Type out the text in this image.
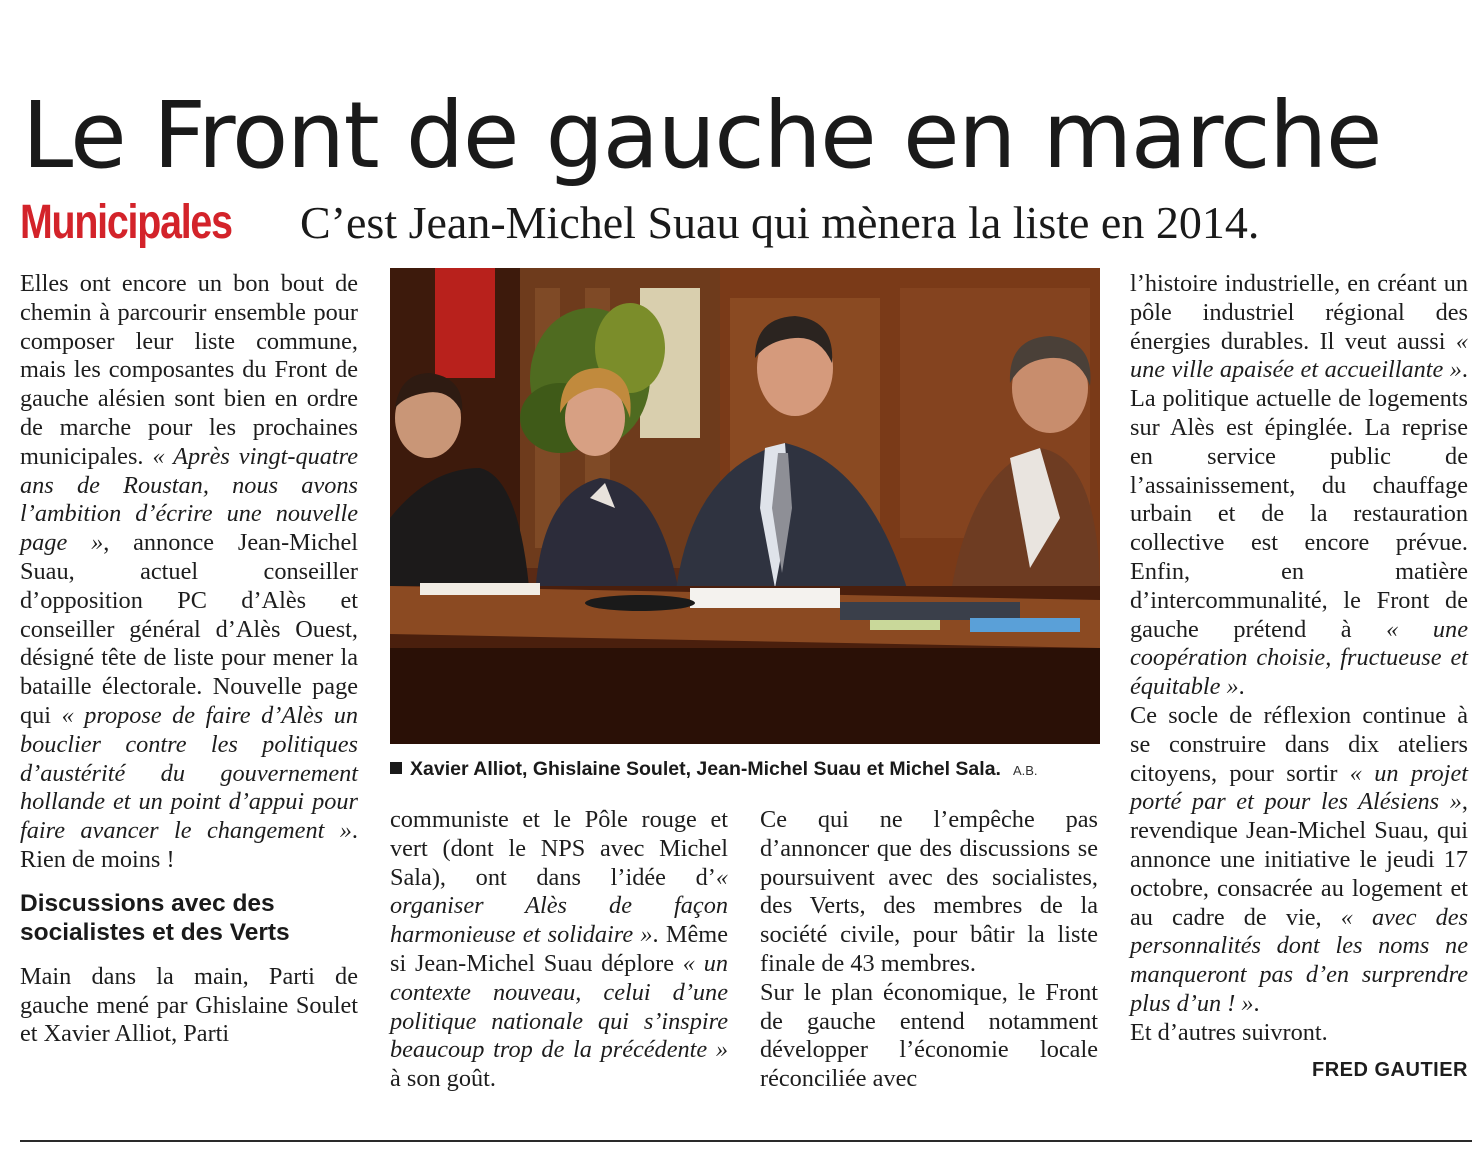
Le Front de gauche en marche
Municipales	C’est Jean-Michel Suau qui mènera la liste en 2014.

Elles ont encore un bon bout de chemin à parcourir ensemble pour composer leur liste commune, mais les composantes du Front de gauche alésien sont bien en ordre de marche pour les prochaines municipales. « Après vingt-quatre ans de Roustan, nous avons l’ambition d’écrire une nouvelle page », annonce Jean-Michel Suau, actuel conseiller d’opposition PC d’Alès et conseiller général d’Alès Ouest, désigné tête de liste pour mener la bataille électorale. Nouvelle page qui « propose de faire d’Alès un bouclier contre les politiques d’austérité du gouvernement hollande et un point d’appui pour faire avancer le changement ». Rien de moins !

Discussions avec des socialistes et des Verts

Main dans la main, Parti de gauche mené par Ghislaine Soulet et Xavier Alliot, Parti

Xavier Alliot, Ghislaine Soulet, Jean-Michel Suau et Michel Sala. A.B.

communiste et le Pôle rouge et vert (dont le NPS avec Michel Sala), ont dans l’idée d’« organiser Alès de façon harmonieuse et solidaire ». Même si Jean-Michel Suau déplore « un contexte nouveau, celui d’une politique nationale qui s’inspire beaucoup trop de la précédente » à son goût.

Ce qui ne l’empêche pas d’annoncer que des discussions se poursuivent avec des socialistes, des Verts, des membres de la société civile, pour bâtir la liste finale de 43 membres.

Sur le plan économique, le Front de gauche entend notamment développer l’économie locale réconciliée avec

l’histoire industrielle, en créant un pôle industriel régional des énergies durables. Il veut aussi « une ville apaisée et accueillante ». La politique actuelle de logements sur Alès est épinglée. La reprise en service public de l’assainissement, du chauffage urbain et de la restauration collective est encore prévue. Enfin, en matière d’intercommunalité, le Front de gauche prétend à « une coopération choisie, fructueuse et équitable ».

Ce socle de réflexion continue à se construire dans dix ateliers citoyens, pour sortir « un projet porté par et pour les Alésiens », revendique Jean-Michel Suau, qui annonce une initiative le jeudi 17 octobre, consacrée au logement et au cadre de vie, « avec des personnalités dont les noms ne manqueront pas d’en surprendre plus d’un ! ».

Et d’autres suivront.

FRED GAUTIER
